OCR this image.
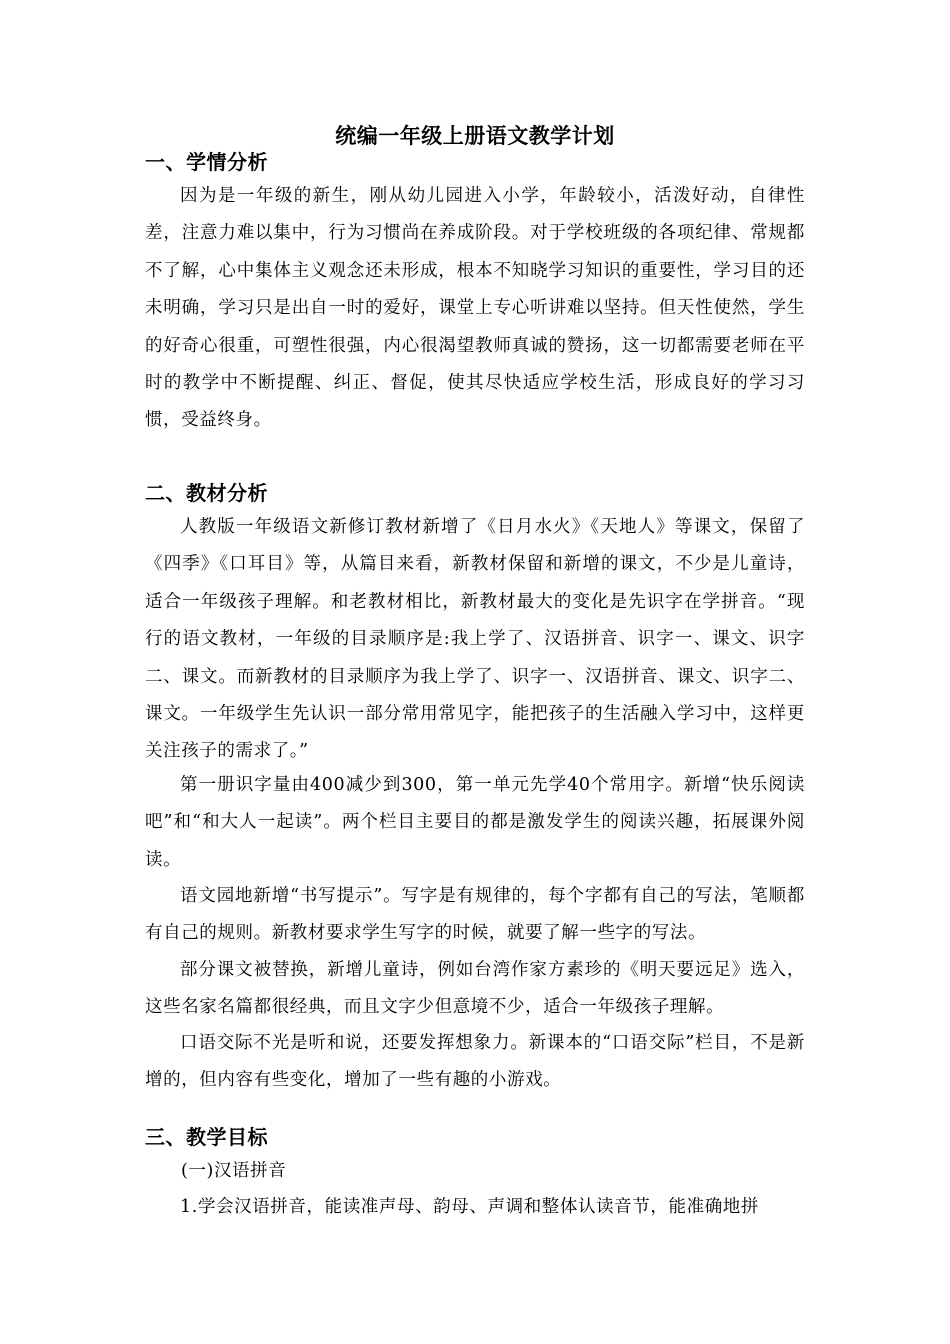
统编一年级上册语文教学计划
一、学情分析

因为是一年级的新生，刚从幼儿园进入小学，年龄较小，活泼好动，自律性差，注意力难以集中，行为习惯尚在养成阶段。对于学校班级的各项纪律、常规都不了解，心中集体主义观念还未形成，根本不知晓学习知识的重要性，学习目的还未明确，学习只是出自一时的爱好，课堂上专心听讲难以坚持。但天性使然，学生的好奇心很重，可塑性很强，内心很渴望教师真诚的赞扬，这一切都需要老师在平时的教学中不断提醒、纠正、督促，使其尽快适应学校生活，形成良好的学习习惯，受益终身。

二、教材分析

人教版一年级语文新修订教材新增了《日月水火》《天地人》等课文，保留了《四季》《口耳目》等，从篇目来看，新教材保留和新增的课文，不少是儿童诗，适合一年级孩子理解。和老教材相比，新教材最大的变化是先识字在学拼音。“现行的语文教材，一年级的目录顺序是:我上学了、汉语拼音、识字一、课文、识字二、课文。而新教材的目录顺序为我上学了、识字一、汉语拼音、课文、识字二、课文。一年级学生先认识一部分常用常见字，能把孩子的生活融入学习中，这样更关注孩子的需求了。”

第一册识字量由400减少到300，第一单元先学40个常用字。新增“快乐阅读吧”和“和大人一起读”。两个栏目主要目的都是激发学生的阅读兴趣，拓展课外阅读。

语文园地新增“书写提示”。写字是有规律的，每个字都有自己的写法，笔顺都有自己的规则。新教材要求学生写字的时候，就要了解一些字的写法。

部分课文被替换，新增儿童诗，例如台湾作家方素珍的《明天要远足》选入，这些名家名篇都很经典，而且文字少但意境不少，适合一年级孩子理解。

口语交际不光是听和说，还要发挥想象力。新课本的“口语交际”栏目，不是新增的，但内容有些变化，增加了一些有趣的小游戏。

三、教学目标
(一)汉语拼音

1.学会汉语拼音，能读准声母、韵母、声调和整体认读音节，能准确地拼
